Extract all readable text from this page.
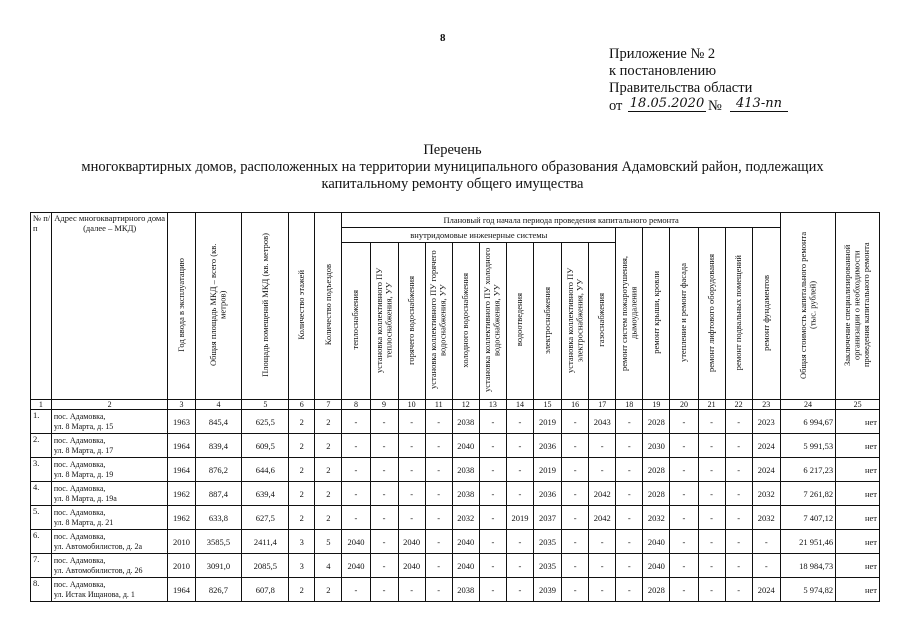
8
Приложение № 2
к постановлению
Правительства области
от 18.05.2020 №	413-пп
Перечень
многоквартирных домов, расположенных на территории муниципального образования Адамовский район, подлежащих
капитальному ремонту общего имущества
№ п/п	Адрес многоквартирного дома (далее – МКД)	Год ввода в эксплуатацию	Общая площадь МКД – всего (кв. метров)	Площадь помещений МКД (кв. метров)	Количество этажей	Количество подъездов	Плановый год начала периода проведения капитального ремонта																Общая стоимость капитального ремонта (тыс. рублей)	Заключение специализированной организации о необходимости проведения капитального ремонта
							внутридомовые инженерные системы										ремонт систем пожаротушения, дымоудаления	ремонт крыши, кровли	утепление и ремонт фасада	ремонт лифтового оборудования	ремонт подвальных помещений	ремонт фундаментов		
							теплоснабжения	установка коллективного ПУ теплоснабжения, УУ	горячего водоснабжения	установка коллективного ПУ горячего водоснабжения, УУ	холодного водоснабжения	установка коллективного ПУ холодного водоснабжения, УУ	водоотведения	электроснабжения	установка коллективного ПУ электроснабжения, УУ	газоснабжения								
1	2	3	4	5	6	7	8	9	10	11	12	13	14	15	16	17	18	19	20	21	22	23	24	25
1.	пос. Адамовка,
ул. 8 Марта, д. 15	1963	845,4	625,5	2	2	-	-	-	-	2038	-	-	2019	-	2043	-	2028	-	-	-	2023	6 994,67	нет
2.	пос. Адамовка,
ул. 8 Марта, д. 17	1964	839,4	609,5	2	2	-	-	-	-	2040	-	-	2036	-	-	-	2030	-	-	-	2024	5 991,53	нет
3.	пос. Адамовка,
ул. 8 Марта, д. 19	1964	876,2	644,6	2	2	-	-	-	-	2038	-	-	2019	-	-	-	2028	-	-	-	2024	6 217,23	нет
4.	пос. Адамовка,
ул. 8 Марта, д. 19а	1962	887,4	639,4	2	2	-	-	-	-	2038	-	-	2036	-	2042	-	2028	-	-	-	2032	7 261,82	нет
5.	пос. Адамовка,
ул. 8 Марта, д. 21	1962	633,8	627,5	2	2	-	-	-	-	2032	-	2019	2037	-	2042	-	2032	-	-	-	2032	7 407,12	нет
6.	пос. Адамовка,
ул. Автомобилистов, д. 2а	2010	3585,5	2411,4	3	5	2040	-	2040	-	2040	-	-	2035	-	-	-	2040	-	-	-	-	21 951,46	нет
7.	пос. Адамовка,
ул. Автомобилистов, д. 26	2010	3091,0	2085,5	3	4	2040	-	2040	-	2040	-	-	2035	-	-	-	2040	-	-	-	-	18 984,73	нет
8.	пос. Адамовка,
ул. Истак Ищанова, д. 1	1964	826,7	607,8	2	2	-	-	-	-	2038	-	-	2039	-	-	-	2028	-	-	-	2024	5 974,82	нет
